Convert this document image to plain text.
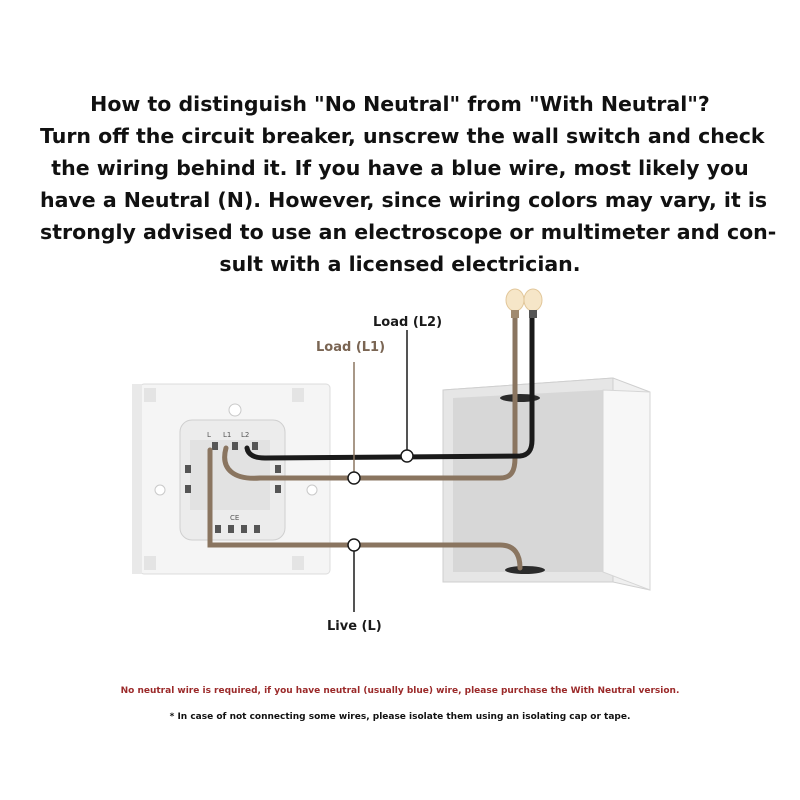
How to distinguish "No Neutral" from "With Neutral"?
Turn off the circuit breaker, unscrew the wall switch and check
the wiring behind it. If you have a blue wire, most likely you
have a Neutral (N). However, since wiring colors may vary, it is
strongly advised to use an electroscope or multimeter and con-
sult with a licensed electrician.
L L1 L2
CE
Load (L2)
Load (L1)
Live (L)
No neutral wire is required, if you have neutral (usually blue) wire, please purchase the With Neutral version.
* In case of not connecting some wires, please isolate them using an isolating cap or tape.
